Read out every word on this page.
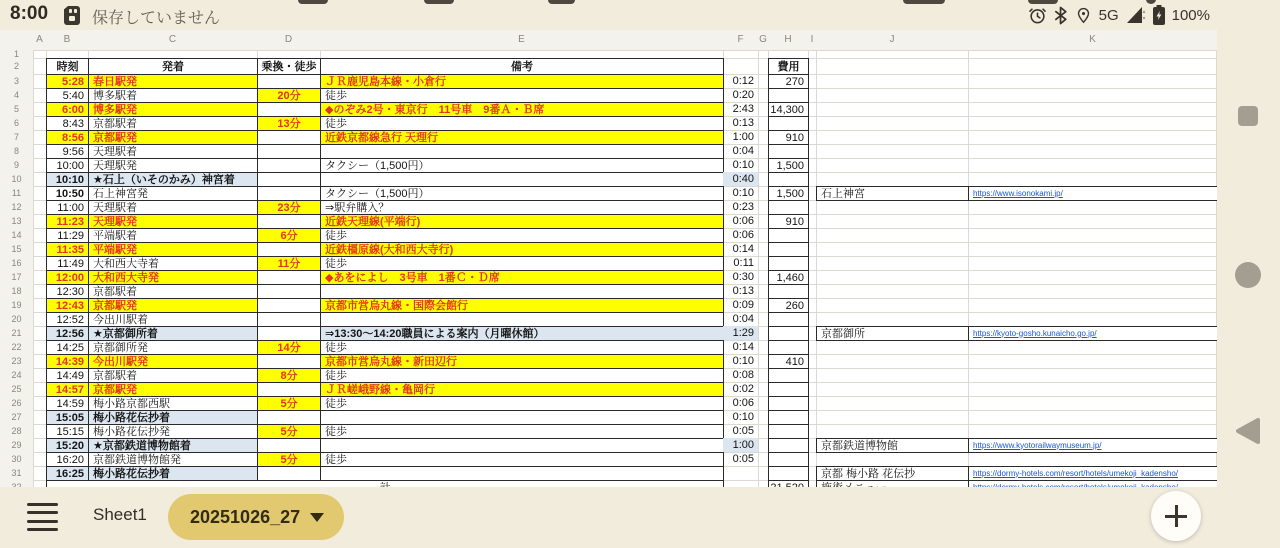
8:00	保存していません	5G	100%
A	B	C	D	E	F	G	H	I	J	K
1
2
3
4
5
6
7
8
9
10
11
12
13
14
15
16
17
18
19
20
21
22
23
24
25
26
27
28
29
30
31
時刻	発着	乗換・徒歩	備考	費用
5:28 春日駅発	ＪＲ鹿児島本線・小倉行	0:12	270
5:40 博多駅着	20分	徒歩	0:20
6:00 博多駅発	◆のぞみ2号・東京行　11号車　9番Ａ・Ｂ席	2:43	14,300
8:43 京都駅着	13分	徒歩	0:13
8:56 京都駅発	近鉄京都線急行 天理行	1:00	910
9:56 天理駅着	0:04
10:00 天理駅発	タクシー（1,500円）	0:10	1,500
10:10 ★石上（いそのかみ）神宮着	0:40
10:50 石上神宮発	タクシー（1,500円）	0:10	1,500	石上神宮	https://www.isonokami.jp/
11:00 天理駅着	23分	⇒駅弁購入？	0:23
11:23 天理駅発	近鉄天理線(平端行)	0:06	910
11:29 平端駅着	6分	徒歩	0:06
11:35 平端駅発	近鉄橿原線(大和西大寺行)	0:14
11:49 大和西大寺着	11分	徒歩	0:11
12:00 大和西大寺発	◆あをによし　3号車　1番Ｃ・Ｄ席	0:30	1,460
12:30 京都駅着	0:13
12:43 京都駅発	京都市営烏丸線・国際会館行	0:09	260
12:52 今出川駅着	0:04
12:56 ★京都御所着	⇒13:30～14:20職員による案内（月曜休館）	1:29	京都御所	https://kyoto-gosho.kunaicho.go.jp/
14:25 京都御所発	14分	徒歩	0:14
14:39 今出川駅発	京都市営烏丸線・新田辺行	0:10	410
14:49 京都駅着	8分	徒歩	0:08
14:57 京都駅発	ＪＲ嵯峨野線・亀岡行	0:02
14:59 梅小路京都西駅	5分	徒歩	0:06
15:05 梅小路花伝抄着	0:10
15:15 梅小路花伝抄発	5分	徒歩	0:05
15:20 ★京都鉄道博物館着	1:00	京都鉄道博物館	https://www.kyotorailwaymuseum.jp/
16:20 京都鉄道博物館発	5分	徒歩	0:05
16:25 梅小路花伝抄着	京都 梅小路 花伝抄	https://dormy-hotels.com/resort/hotels/umekoji_kadensho/
Sheet1 20251026_27
